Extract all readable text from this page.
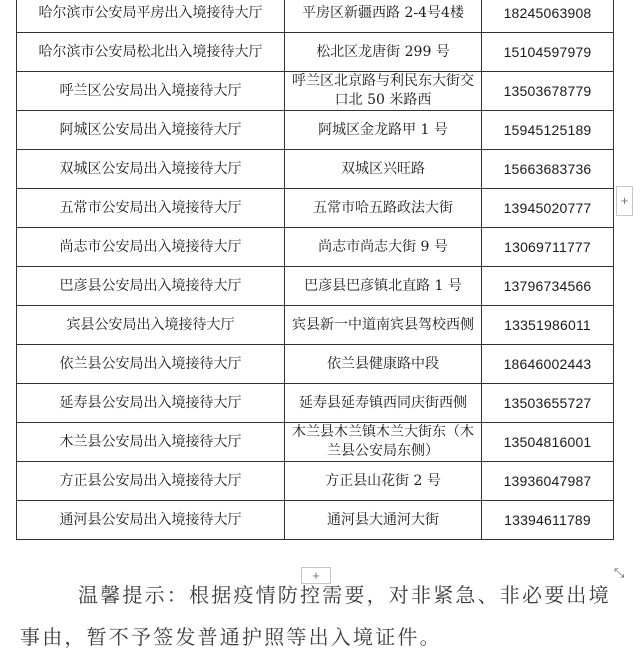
哈尔滨市公安局平房出入境接待大厅	平房区新疆西路 2-4号4楼	18245063908
哈尔滨市公安局松北出入境接待大厅	松北区龙唐街 299 号	15104597979
呼兰区公安局出入境接待大厅	呼兰区北京路与利民东大街交口北 50 米路西	13503678779
阿城区公安局出入境接待大厅	阿城区金龙路甲 1 号	15945125189
双城区公安局出入境接待大厅	双城区兴旺路	15663683736
五常市公安局出入境接待大厅	五常市哈五路政法大街	13945020777
尚志市公安局出入境接待大厅	尚志市尚志大街 9 号	13069711777
巴彦县公安局出入境接待大厅	巴彦县巴彦镇北直路 1 号	13796734566
宾县公安局出入境接待大厅	宾县新一中道南宾县驾校西侧	13351986011
依兰县公安局出入境接待大厅	依兰县健康路中段	18646002443
延寿县公安局出入境接待大厅	延寿县延寿镇西同庆街西侧	13503655727
木兰县公安局出入境接待大厅	木兰县木兰镇木兰大街东（木兰县公安局东侧）	13504816001
方正县公安局出入境接待大厅	方正县山花街 2 号	13936047987
通河县公安局出入境接待大厅	通河县大通河大街	13394611789
+
+	⤡
温馨提示：根据疫情防控需要，对非紧急、非必要出境
事由，暂不予签发普通护照等出入境证件。
